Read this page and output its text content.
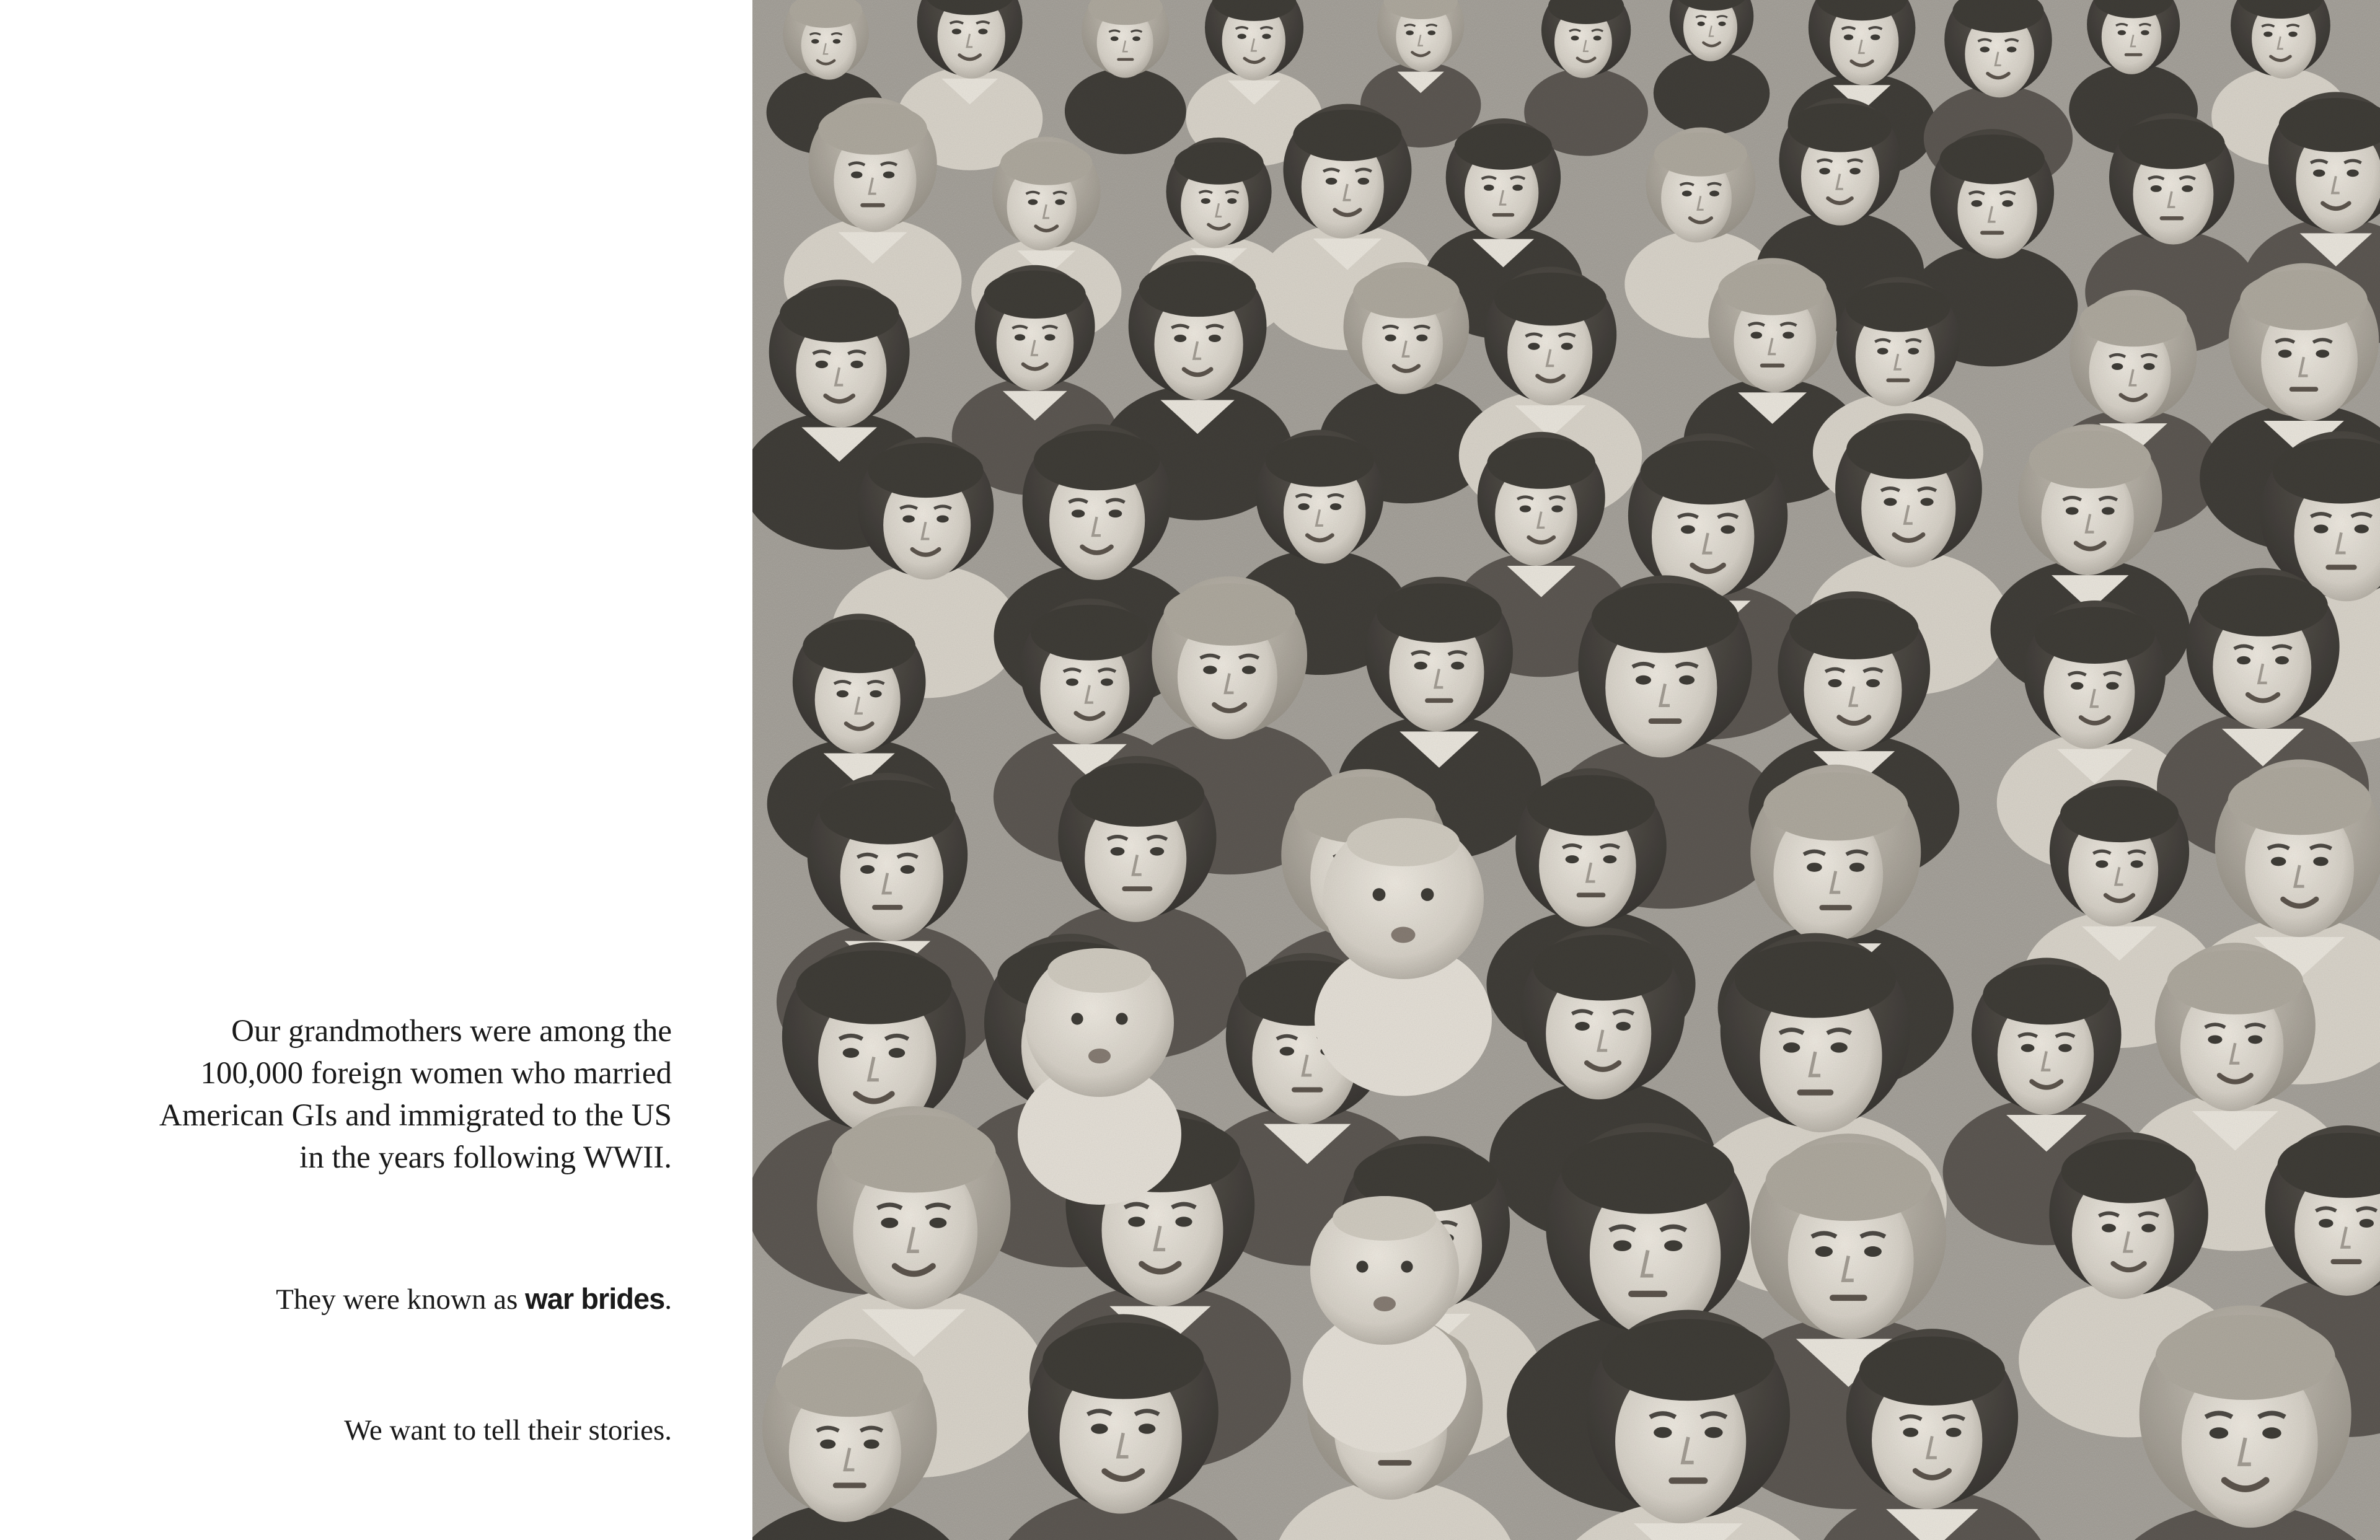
Our grandmothers were among the
100,000 foreign women who married
American GIs and immigrated to the US
in the years following WWII.

They were known as war brides.

We want to tell their stories.
